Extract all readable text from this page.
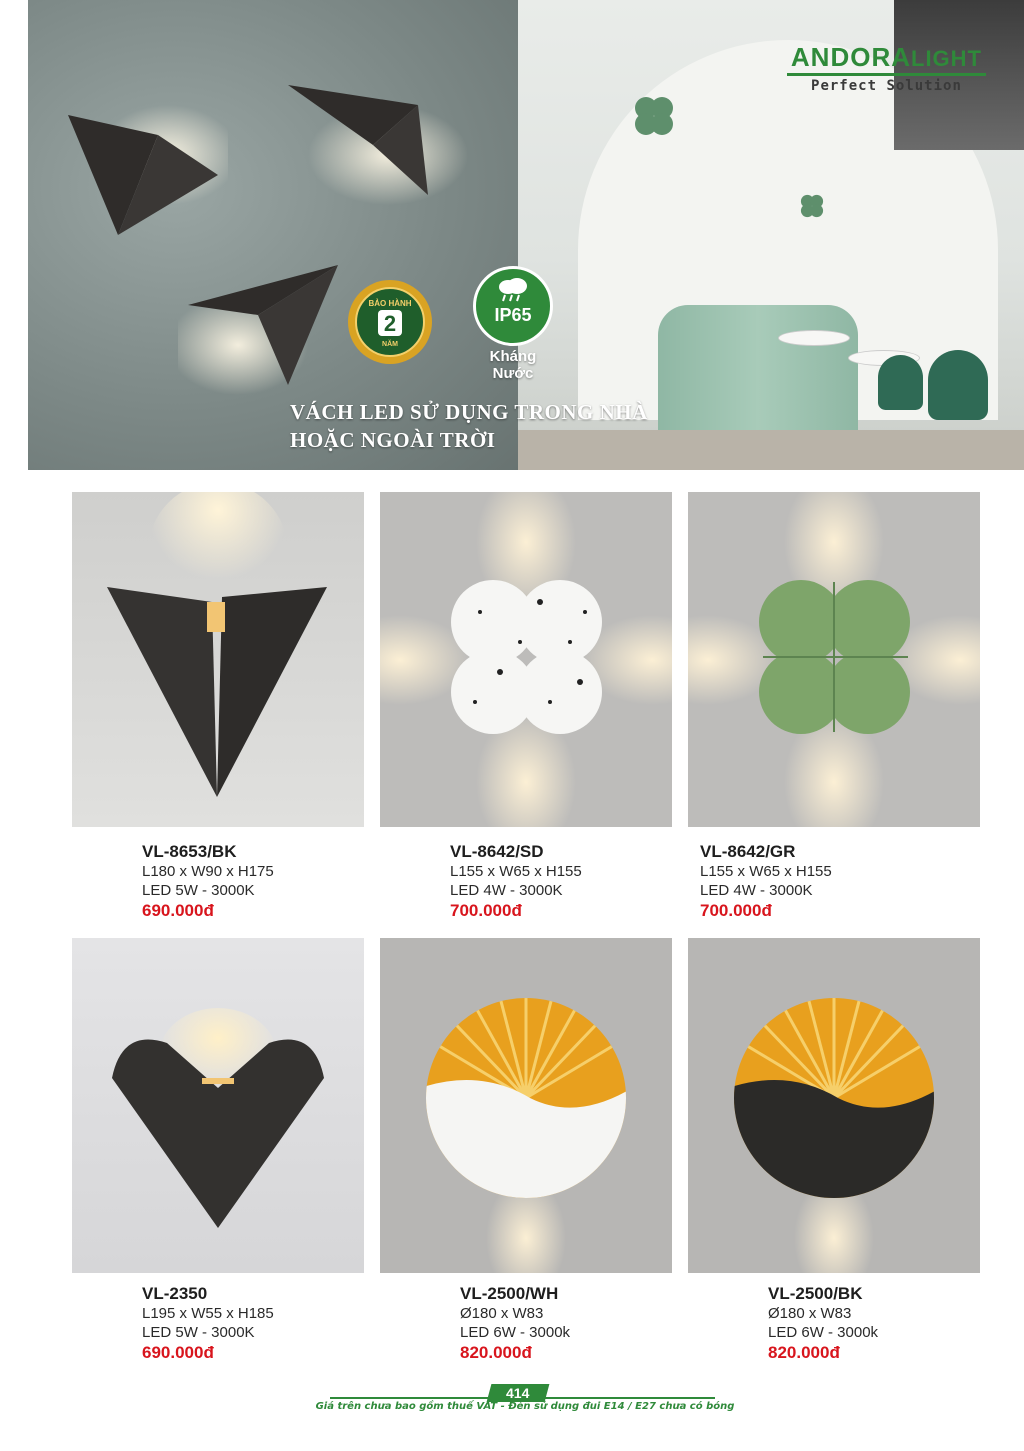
ANDORALIGHT
Perfect Solution
BẢO HÀNH
2
NĂM
IP65
Kháng Nước
VÁCH LED SỬ DỤNG TRONG NHÀ
HOẶC NGOÀI TRỜI
VL-8653/BK
L180 x W90 x H175
LED 5W - 3000K
690.000đ
VL-8642/SD
L155 x W65 x H155
LED 4W - 3000K
700.000đ
VL-8642/GR
L155 x W65 x H155
LED 4W - 3000K
700.000đ
VL-2350
L195 x W55 x H185
LED 5W - 3000K
690.000đ
VL-2500/WH
Ø180 x W83
LED 6W - 3000k
820.000đ
VL-2500/BK
Ø180 x W83
LED 6W - 3000k
820.000đ
414
Giá trên chưa bao gồm thuế VAT - Đèn sử dụng đui E14 / E27 chưa có bóng
